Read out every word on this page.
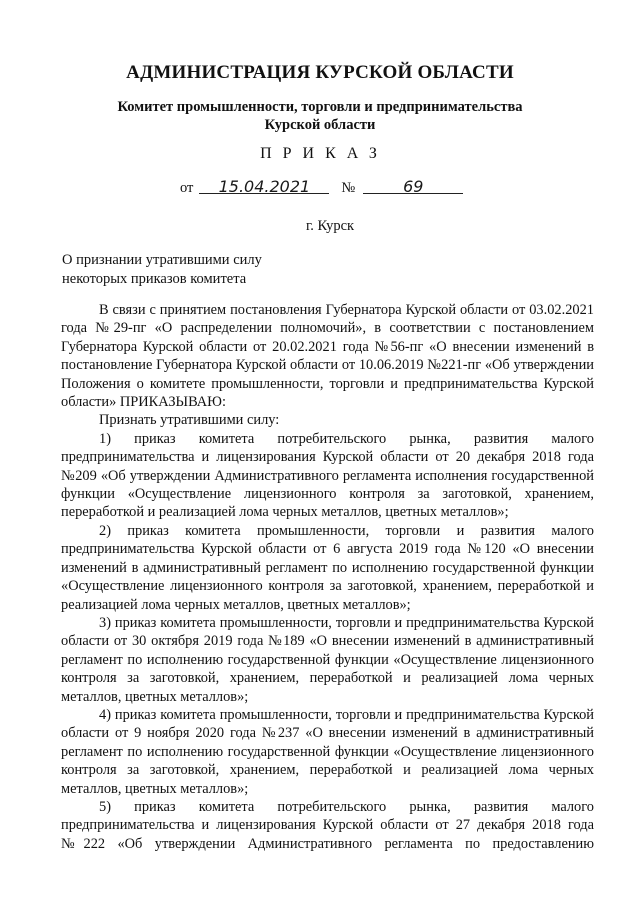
АДМИНИСТРАЦИЯ КУРСКОЙ ОБЛАСТИ
Комитет промышленности, торговли и предпринимательства
Курской области
ПРИКАЗ
от 15.04.2021 №	69
г. Курск
О признании утратившими силу
некоторых приказов комитета

В связи с принятием постановления Губернатора Курской области от 03.02.2021 года №29-пг «О распределении полномочий», в соответствии с постановлением Губернатора Курской области от 20.02.2021 года №56-пг «О внесении изменений в постановление Губернатора Курской области от 10.06.2019 №221-пг «Об утверждении Положения о комитете промышленности, торговли и предпринимательства Курской области» ПРИКАЗЫВАЮ:

Признать утратившими силу:

1) приказ комитета потребительского рынка, развития малого предпринимательства и лицензирования Курской области от 20 декабря 2018 года №209 «Об утверждении Административного регламента исполнения государственной функции «Осуществление лицензионного контроля за заготовкой, хранением, переработкой и реализацией лома черных металлов, цветных металлов»;

2) приказ комитета промышленности, торговли и развития малого предпринимательства Курской области от 6 августа 2019 года №120 «О внесении изменений в административный регламент по исполнению государственной функции «Осуществление лицензионного контроля за заготовкой, хранением, переработкой и реализацией лома черных металлов, цветных металлов»;

3) приказ комитета промышленности, торговли и предпринимательства Курской области от 30 октября 2019 года №189 «О внесении изменений в административный регламент по исполнению государственной функции «Осуществление лицензионного контроля за заготовкой, хранением, переработкой и реализацией лома черных металлов, цветных металлов»;

4) приказ комитета промышленности, торговли и предпринимательства Курской области от 9 ноября 2020 года №237 «О внесении изменений в административный регламент по исполнению государственной функции «Осуществление лицензионного контроля за заготовкой, хранением, переработкой и реализацией лома черных металлов, цветных металлов»;

5) приказ комитета потребительского рынка, развития малого предпринимательства и лицензирования Курской области от 27 декабря 2018 года №222 «Об утверждении Административного регламента по предоставлению
